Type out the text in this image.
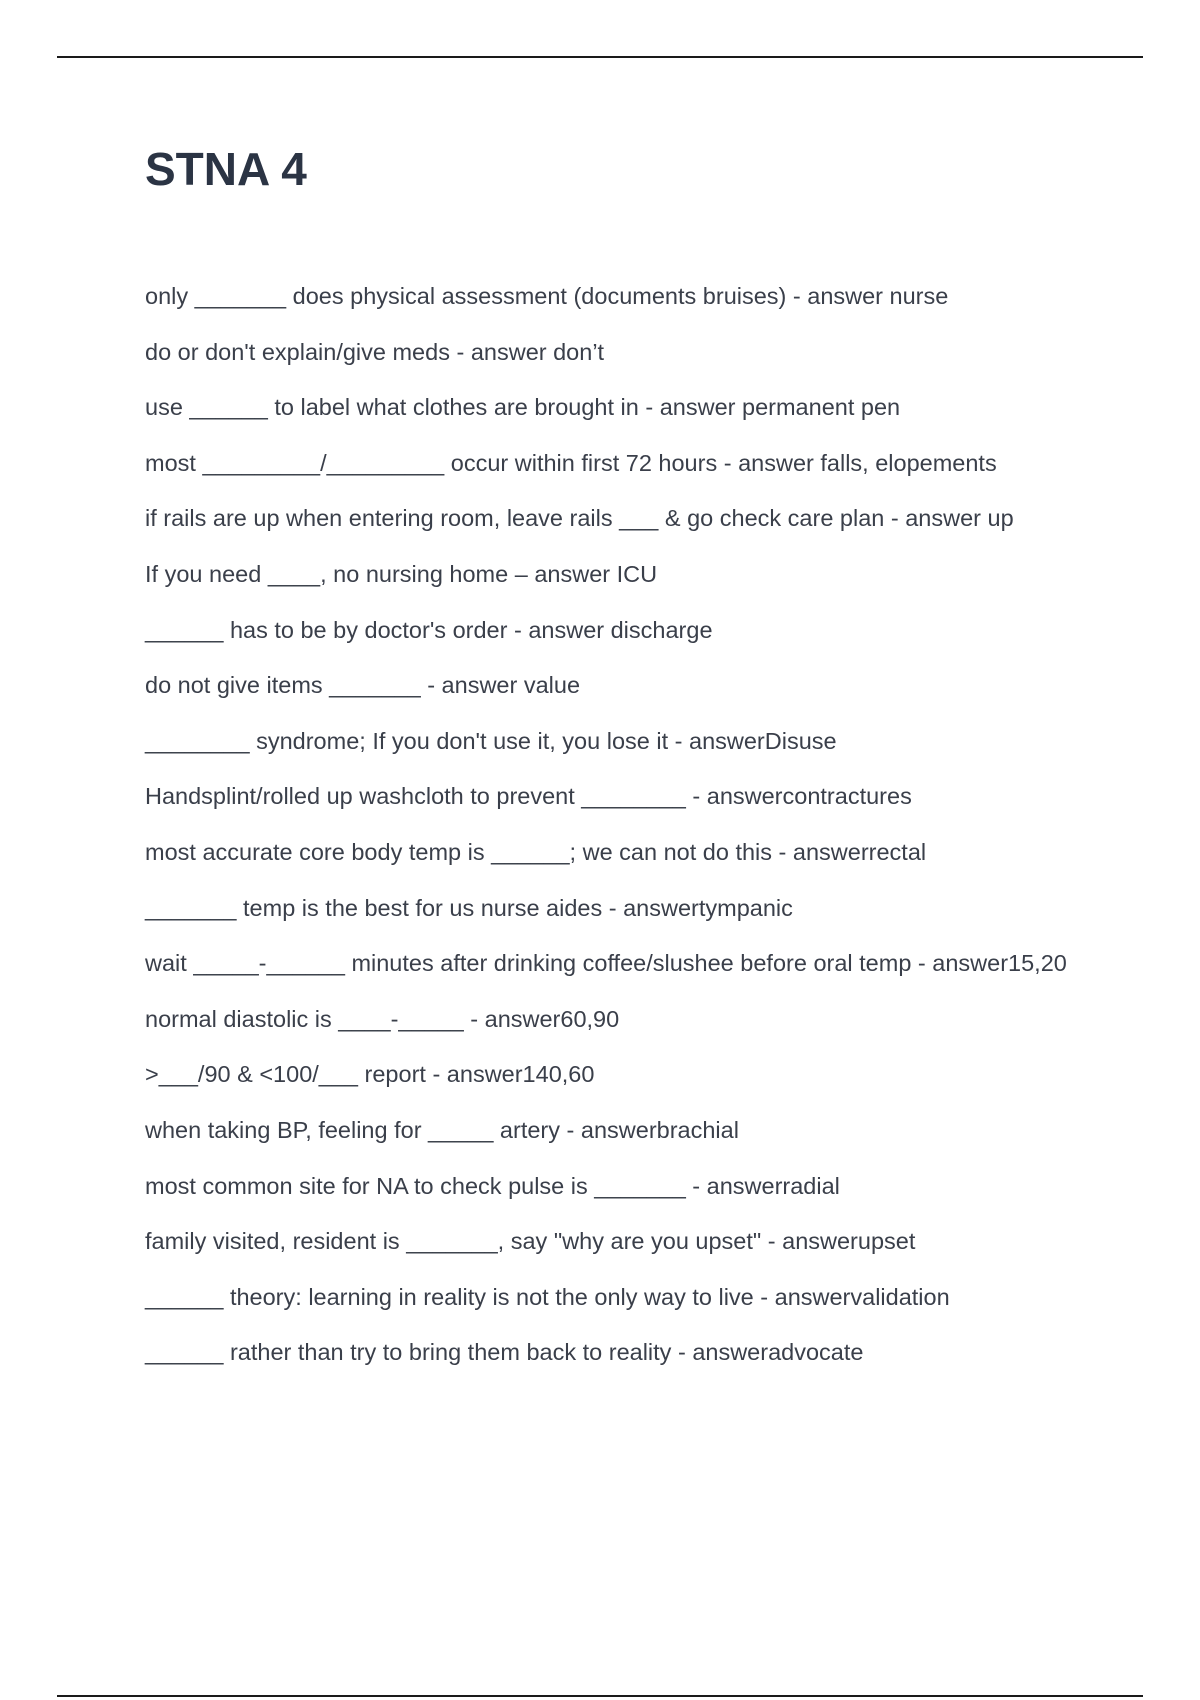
STNA 4
only _______ does physical assessment (documents bruises) - answer nurse
do or don't explain/give meds - answer don’t
use ______ to label what clothes are brought in - answer permanent pen
most _________/_________ occur within first 72 hours - answer falls, elopements
if rails are up when entering room, leave rails ___ & go check care plan - answer up
If you need ____, no nursing home – answer ICU
______ has to be by doctor's order - answer discharge
do not give items _______ - answer value
________ syndrome; If you don't use it, you lose it - answerDisuse
Handsplint/rolled up washcloth to prevent ________ - answercontractures
most accurate core body temp is ______; we can not do this - answerrectal
_______ temp is the best for us nurse aides - answertympanic
wait _____-______ minutes after drinking coffee/slushee before oral temp - answer15,20
normal diastolic is ____-_____ - answer60,90
>___/90 & <100/___ report - answer140,60
when taking BP, feeling for _____ artery - answerbrachial
most common site for NA to check pulse is _______ - answerradial
family visited, resident is _______, say "why are you upset" - answerupset
______ theory: learning in reality is not the only way to live - answervalidation
______ rather than try to bring them back to reality - answeradvocate
